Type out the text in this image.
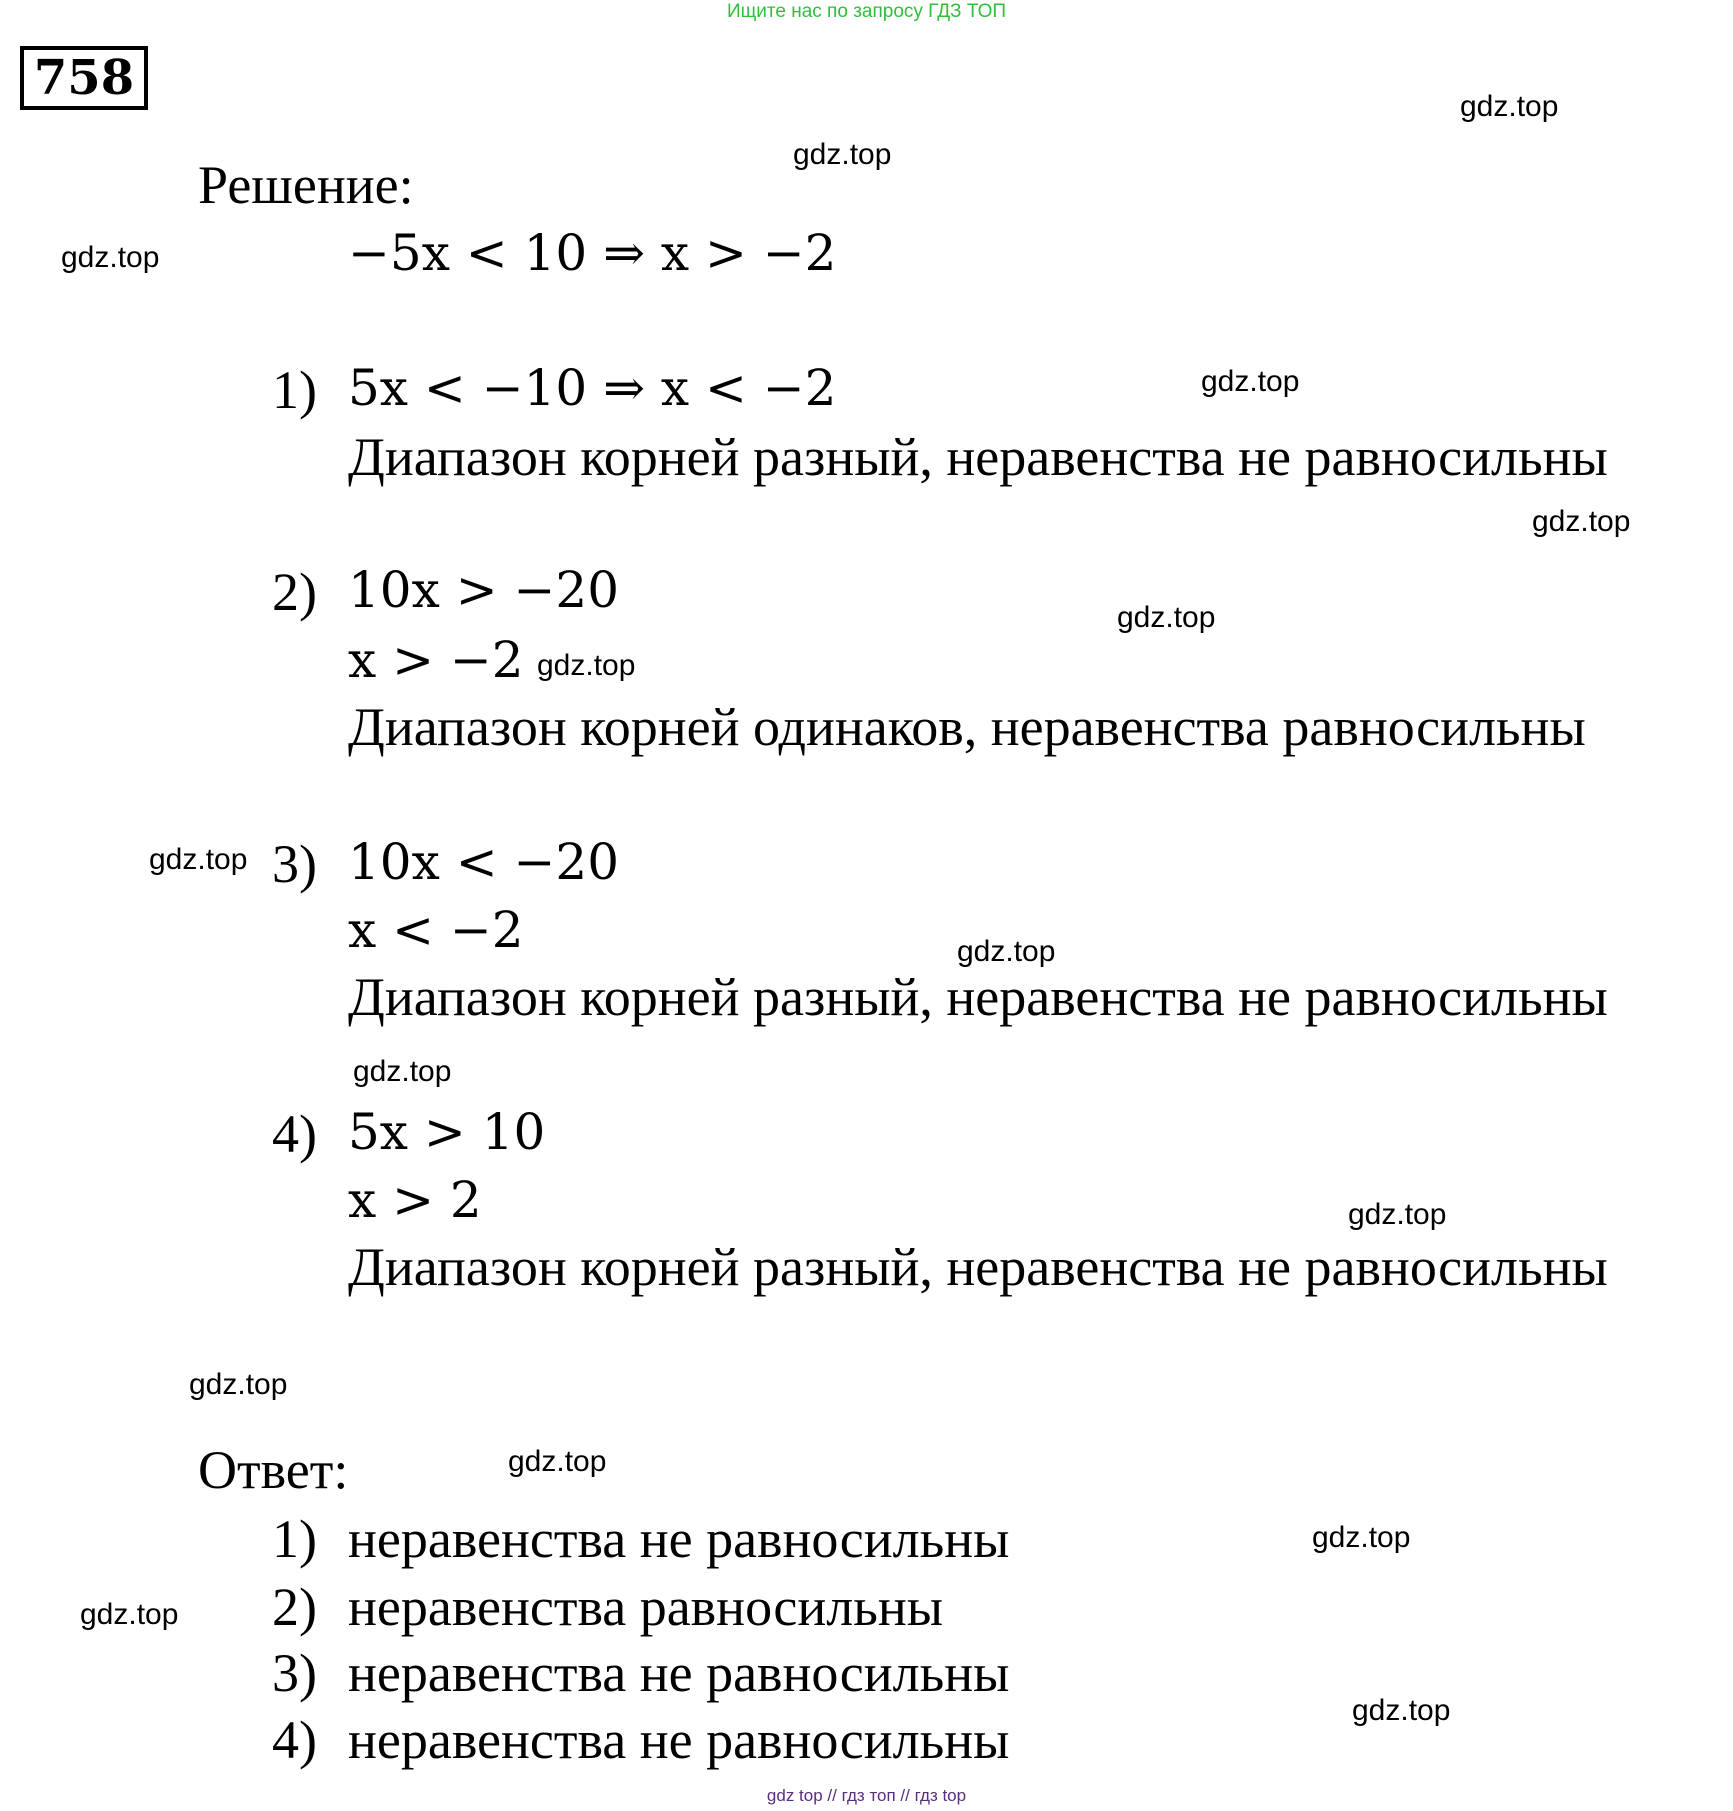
Ищите нас по запросу ГДЗ ТОП
758
Решение:
−5x < 10 ⇒ x > −2
1) 5x < −10 ⇒ x < −2
Диапазон корней разный, неравенства не равносильны
2) 10x > −20
x > −2
Диапазон корней одинаков, неравенства равносильны
3) 10x < −20
x < −2
Диапазон корней разный, неравенства не равносильны
4) 5x > 10
x > 2
Диапазон корней разный, неравенства не равносильны
Ответ:
1) неравенства не равносильны
2) неравенства равносильны
3) неравенства не равносильны
4) неравенства не равносильны
gdz.top
gdz.top
gdz.top
gdz.top
gdz.top
gdz.top
gdz.top
gdz.top
gdz.top
gdz.top
gdz.top
gdz.top
gdz.top
gdz.top
gdz.top
gdz.top
gdz top // гдз топ // гдз top
